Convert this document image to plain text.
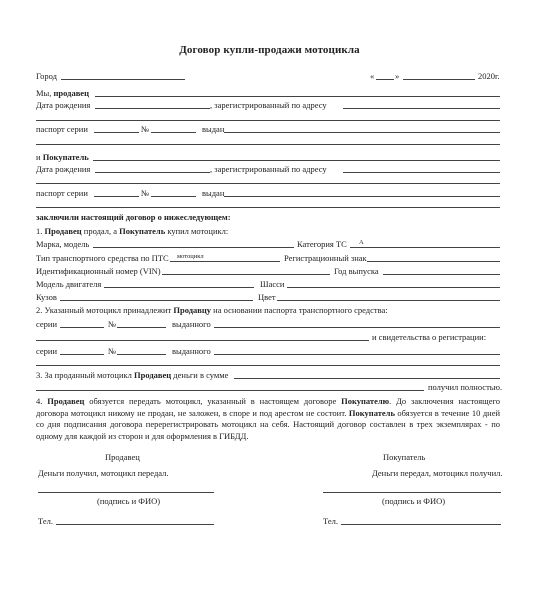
Договор купли-продажи мотоцикла
Город	« »	2020г.
Мы, продавец
Дата рождения	, зарегистрированный по адресу
паспорт серии	№	выдан
и Покупатель
Дата рождения	, зарегистрированный по адресу
паспорт серии	№	выдан
заключили настоящий договор о нижеследующем:
1. Продавец продал, а Покупатель купил мотоцикл:
Марка, модель	Категория ТС А
Тип транспортного средства по ПТС мотоцикл	Регистрационный знак
Идентификационный номер (VIN)	Год выпуска
Модель двигателя	Шасси
Кузов	Цвет
2. Указанный мотоцикл принадлежит Продавцу на основании паспорта транспортного средства:
серии	№	выданного
и свидетельства о регистрации:
серии	№	выданного
3. За проданный мотоцикл Продавец деньги в сумме
получил полностью.
4. Продавец обязуется передать мотоцикл, указанный в настоящем договоре Покупателю. До заключения настоящего договора мотоцикл никому не продан, не заложен, в споре и под арестом не состоит. Покупатель обязуется в течение 10 дней со дня подписания договора перерегистрировать мотоцикл на себя. Настоящий договор составлен в трех экземплярах - по одному для каждой из сторон и для оформления в ГИБДД.
Продавец	Покупатель
Деньги получил, мотоцикл передал.	Деньги передал, мотоцикл получил.
(подпись и ФИО)	(подпись и ФИО)
Тел.	Тел.
